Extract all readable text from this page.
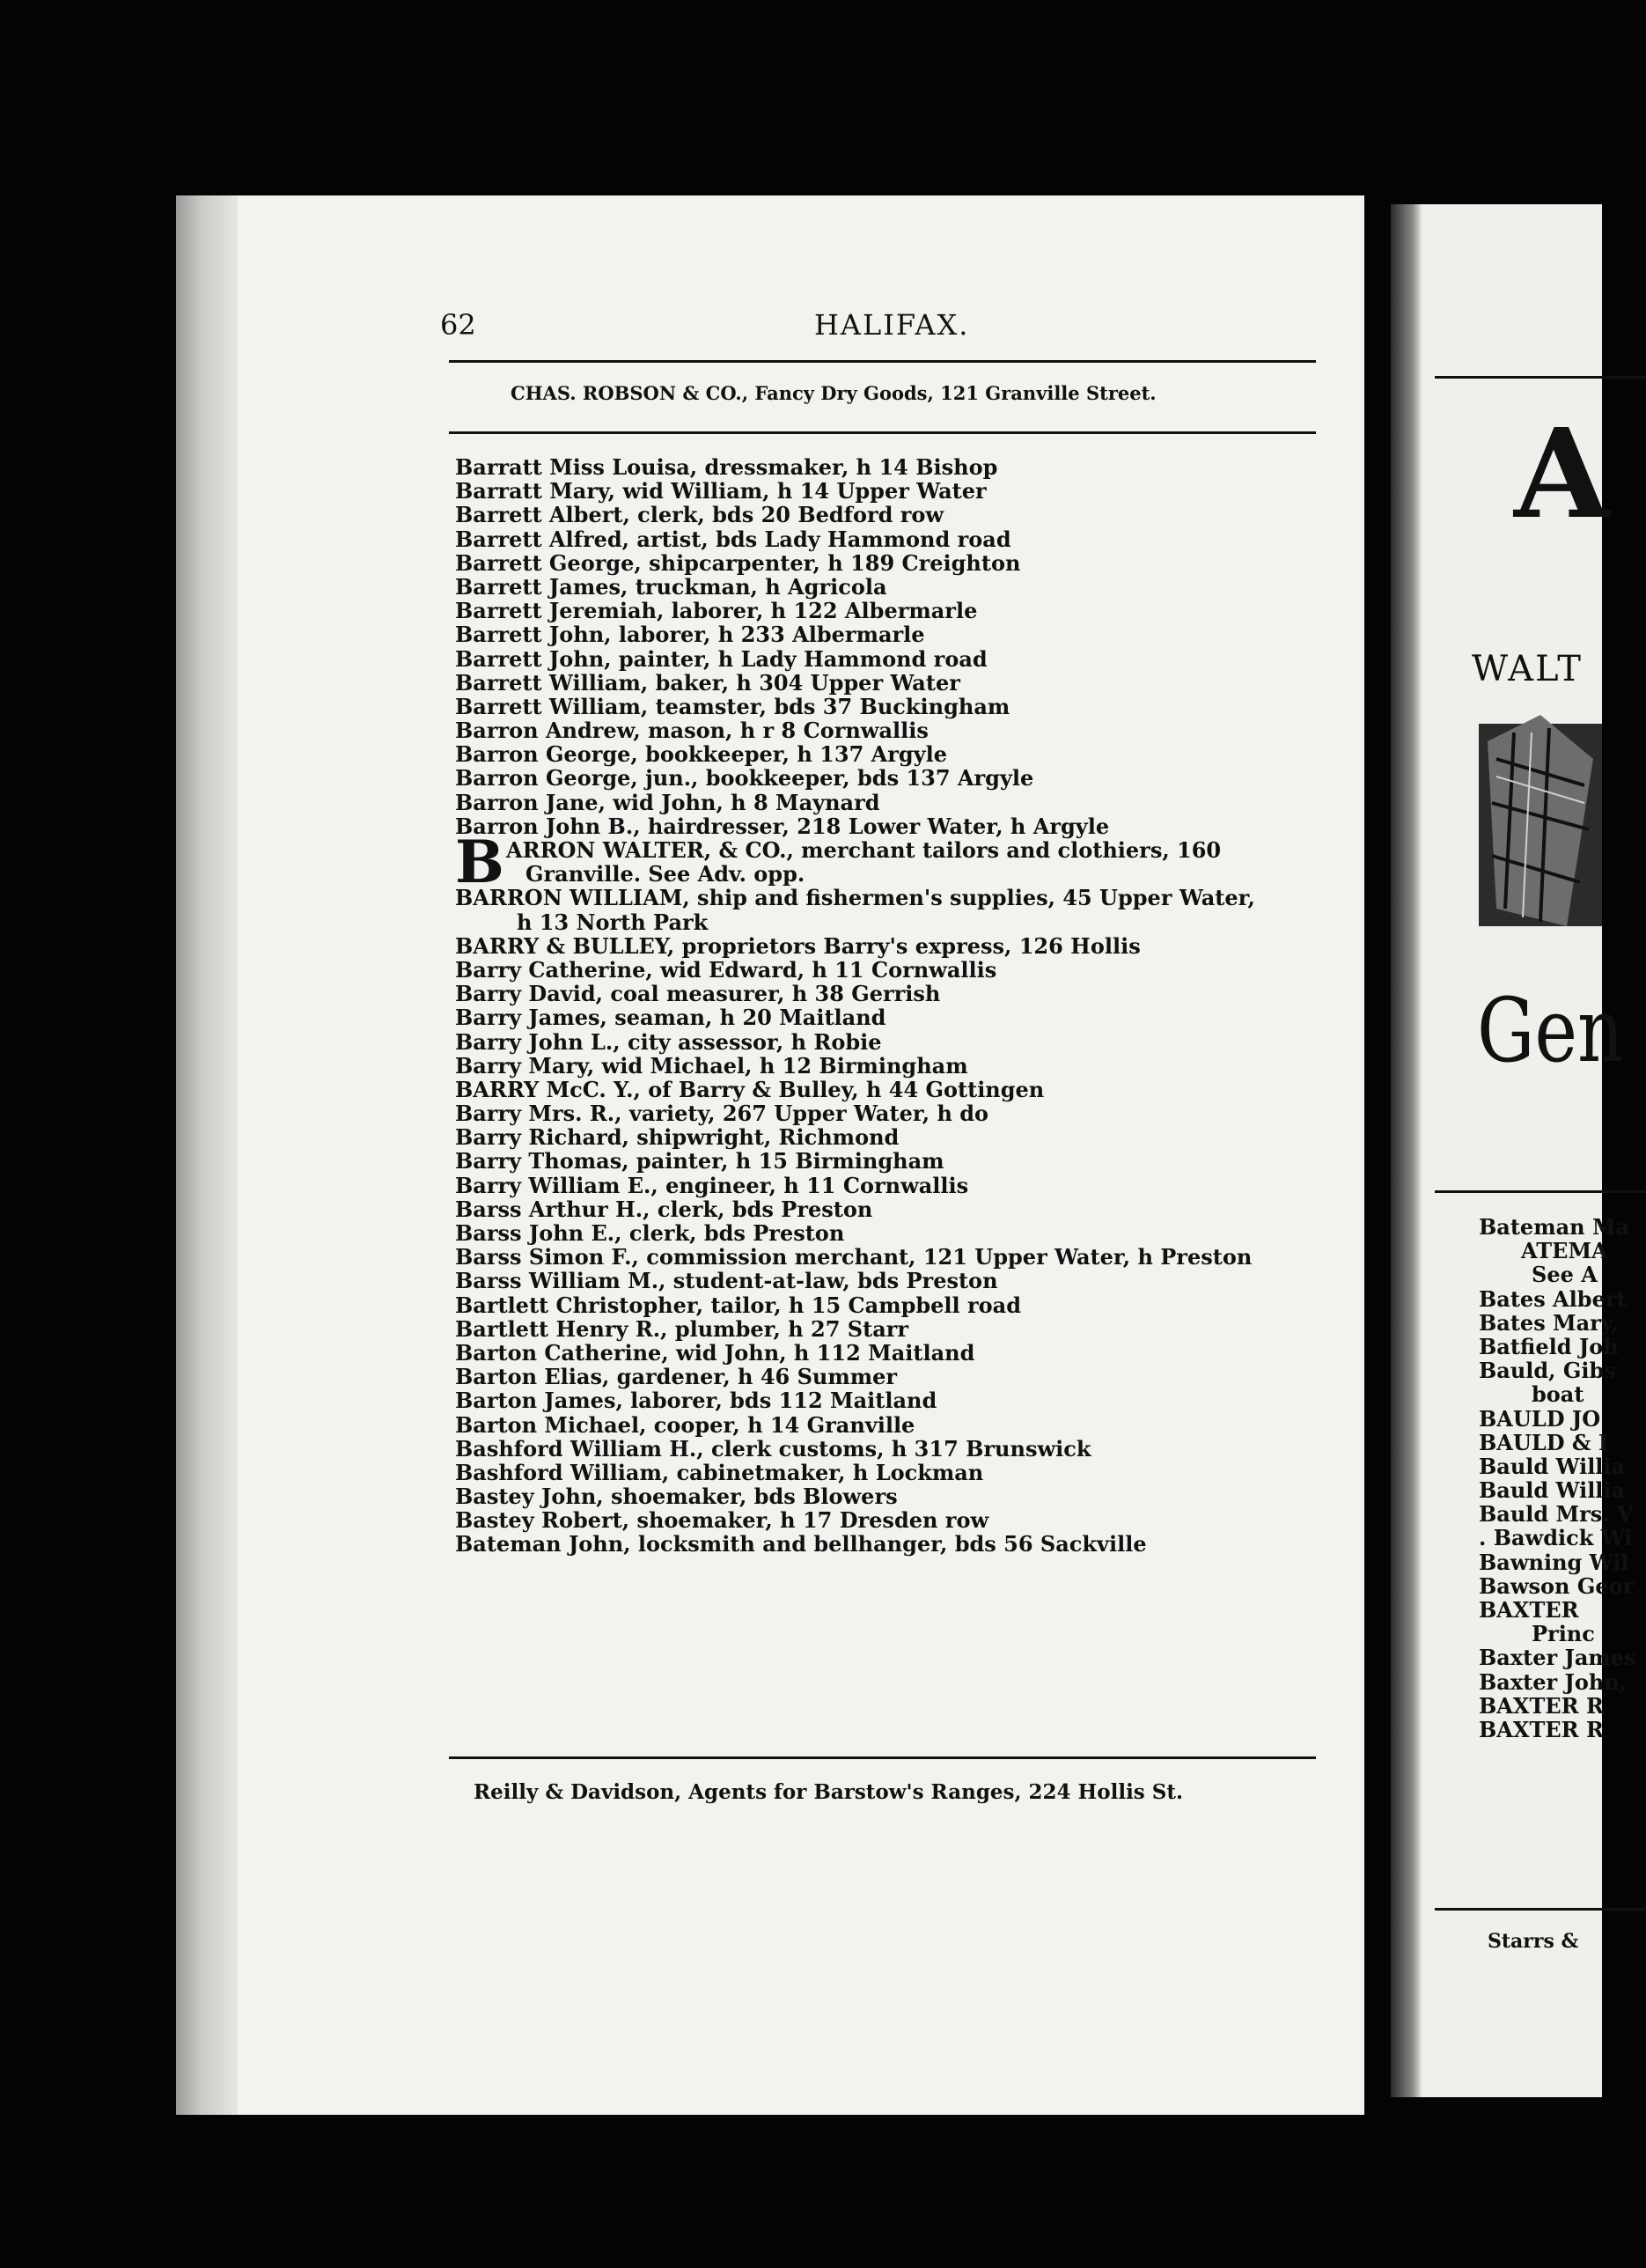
62	HALIFAX.
CHAS. ROBSON & CO., Fancy Dry Goods, 121 Granville Street.
Barratt Miss Louisa, dressmaker, h 14 Bishop
Barratt Mary, wid William, h 14 Upper Water
Barrett Albert, clerk, bds 20 Bedford row
Barrett Alfred, artist, bds Lady Hammond road
Barrett George, shipcarpenter, h 189 Creighton
Barrett James, truckman, h Agricola
Barrett Jeremiah, laborer, h 122 Albermarle
Barrett John, laborer, h 233 Albermarle
Barrett John, painter, h Lady Hammond road
Barrett William, baker, h 304 Upper Water
Barrett William, teamster, bds 37 Buckingham
Barron Andrew, mason, h r 8 Cornwallis
Barron George, bookkeeper, h 137 Argyle
Barron George, jun., bookkeeper, bds 137 Argyle
Barron Jane, wid John, h 8 Maynard
Barron John B., hairdresser, 218 Lower Water, h Argyle
B ARRON WALTER, & CO., merchant tailors and clothiers, 160
Granville. See Adv. opp.
BARRON WILLIAM, ship and fishermen's supplies, 45 Upper Water,
h 13 North Park
BARRY & BULLEY, proprietors Barry's express, 126 Hollis
Barry Catherine, wid Edward, h 11 Cornwallis
Barry David, coal measurer, h 38 Gerrish
Barry James, seaman, h 20 Maitland
Barry John L., city assessor, h Robie
Barry Mary, wid Michael, h 12 Birmingham
BARRY McC. Y., of Barry & Bulley, h 44 Gottingen
Barry Mrs. R., variety, 267 Upper Water, h do
Barry Richard, shipwright, Richmond
Barry Thomas, painter, h 15 Birmingham
Barry William E., engineer, h 11 Cornwallis
Barss Arthur H., clerk, bds Preston
Barss John E., clerk, bds Preston
Barss Simon F., commission merchant, 121 Upper Water, h Preston
Barss William M., student-at-law, bds Preston
Bartlett Christopher, tailor, h 15 Campbell road
Bartlett Henry R., plumber, h 27 Starr
Barton Catherine, wid John, h 112 Maitland
Barton Elias, gardener, h 46 Summer
Barton James, laborer, bds 112 Maitland
Barton Michael, cooper, h 14 Granville
Bashford William H., clerk customs, h 317 Brunswick
Bashford William, cabinetmaker, h Lockman
Bastey John, shoemaker, bds Blowers
Bastey Robert, shoemaker, h 17 Dresden row
Bateman John, locksmith and bellhanger, bds 56 Sackville
Reilly & Davidson, Agents for Barstow's Ranges, 224 Hollis St.
A
WALT
Gen
Bateman Ma
ATEMA
See A
Bates Albert
Bates Mary,
Batfield Joh
Bauld, Gibs
boat
BAULD JO
BAULD & I
Bauld Willia
Bauld Willia
Bauld Mrs. V
. Bawdick Wi
Bawning Wil
Bawson Geor
BAXTER
Princ
Baxter James
Baxter John,
BAXTER R
BAXTER R
Starrs &
